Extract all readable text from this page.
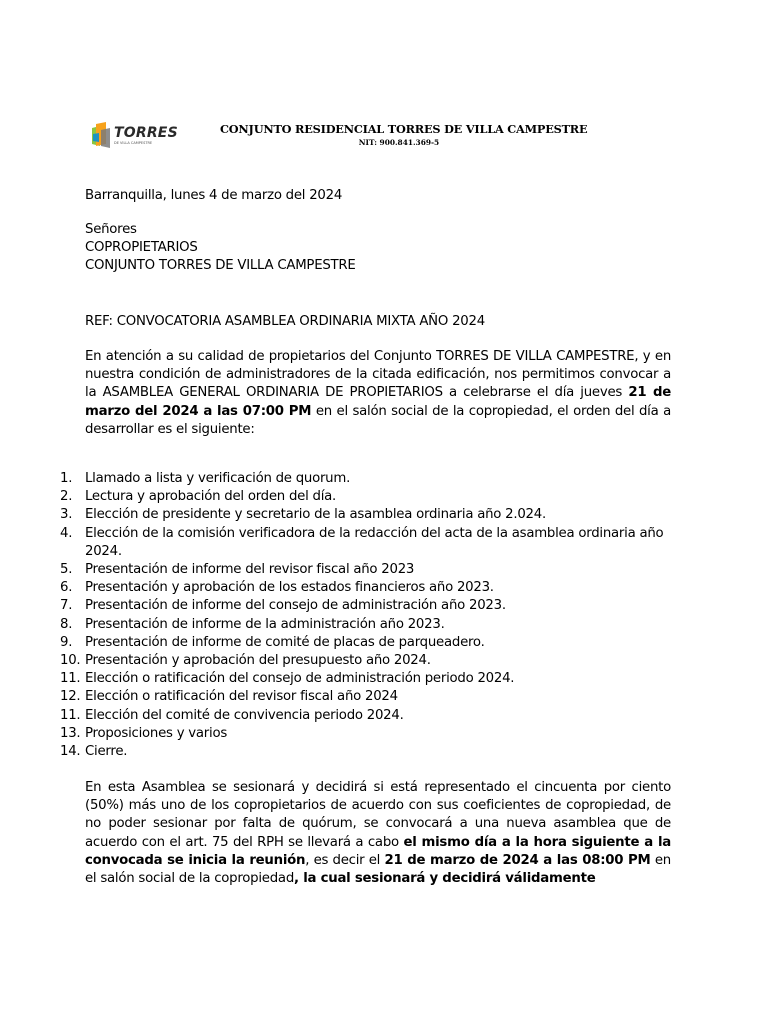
TORRES
DE VILLA CAMPESTRE
CONJUNTO RESIDENCIAL TORRES DE VILLA CAMPESTRE
NIT: 900.841.369-5
Barranquilla, lunes 4 de marzo del 2024
Señores
COPROPIETARIOS
CONJUNTO TORRES DE VILLA CAMPESTRE
REF: CONVOCATORIA ASAMBLEA ORDINARIA MIXTA AÑO 2024
En atención a su calidad de propietarios del Conjunto TORRES DE VILLA CAMPESTRE, y en nuestra condición de administradores de la citada edificación, nos permitimos convocar a la ASAMBLEA GENERAL ORDINARIA DE PROPIETARIOS a celebrarse el día jueves 21 de marzo del 2024 a las 07:00 PM en el salón social de la copropiedad, el orden del día a desarrollar es el siguiente:
1. Llamado a lista y verificación de quorum.
2. Lectura y aprobación del orden del día.
3. Elección de presidente y secretario de la asamblea ordinaria año 2.024.
4. Elección de la comisión verificadora de la redacción del acta de la asamblea ordinaria año 2024.
5. Presentación de informe del revisor fiscal año 2023
6. Presentación y aprobación de los estados financieros año 2023.
7. Presentación de informe del consejo de administración año 2023.
8. Presentación de informe de la administración año 2023.
9. Presentación de informe de comité de placas de parqueadero.
10. Presentación y aprobación del presupuesto año 2024.
11. Elección o ratificación del consejo de administración periodo 2024.
12. Elección o ratificación del revisor fiscal año 2024
11. Elección del comité de convivencia periodo 2024.
13. Proposiciones y varios
14. Cierre.
En esta Asamblea se sesionará y decidirá si está representado el cincuenta por ciento (50%) más uno de los copropietarios de acuerdo con sus coeficientes de copropiedad, de no poder sesionar por falta de quórum, se convocará a una nueva asamblea que de acuerdo con el art. 75 del RPH se llevará a cabo el mismo día a la hora siguiente a la convocada se inicia la reunión, es decir el 21 de marzo de 2024 a las 08:00 PM en el salón social de la copropiedad, la cual sesionará y decidirá válidamente
